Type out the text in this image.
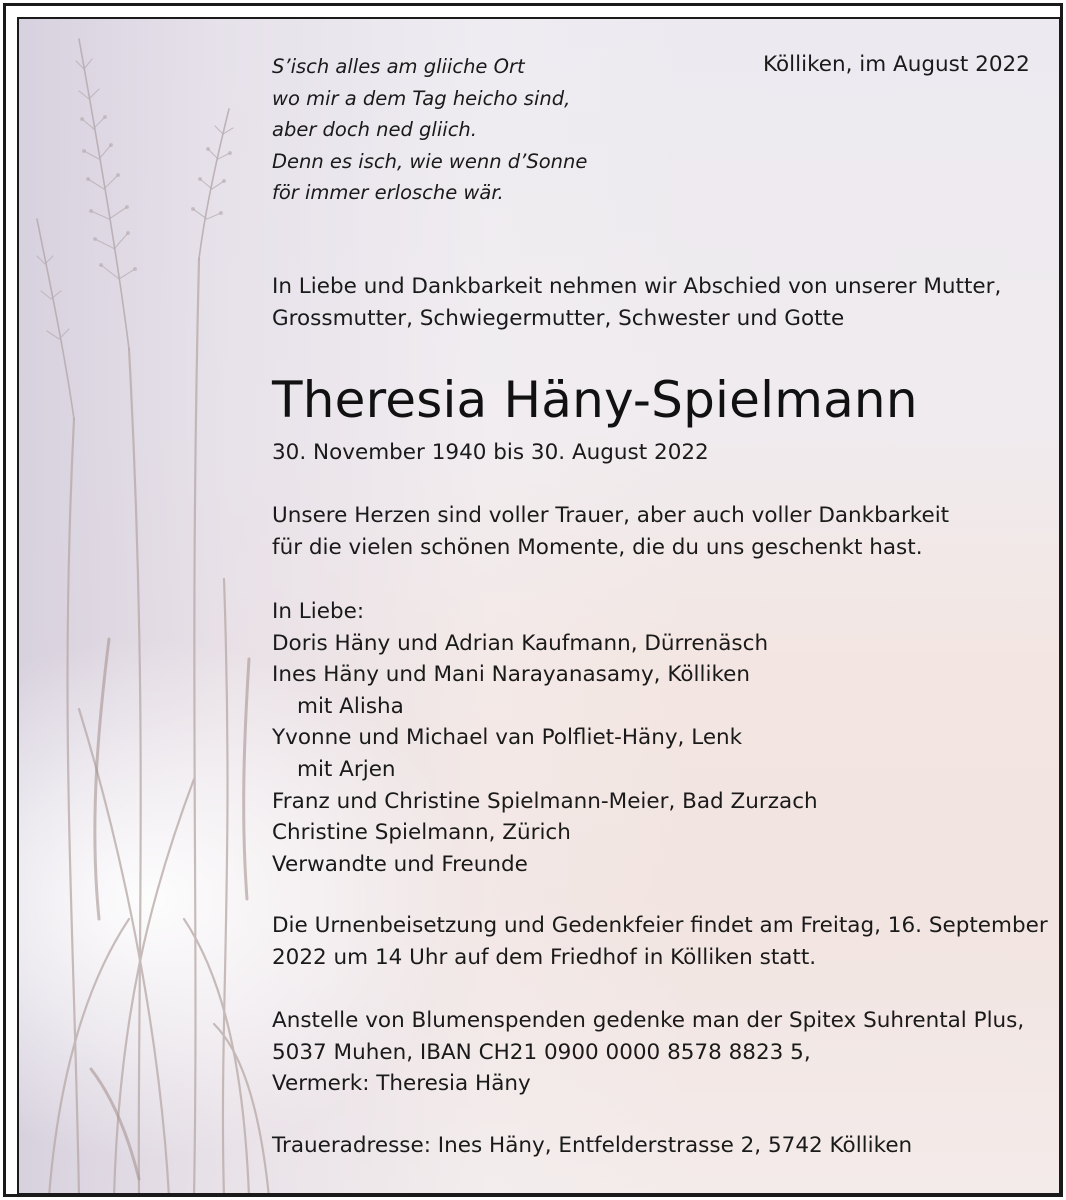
Kölliken, im August 2022
S’isch alles am gliiche Ort
wo mir a dem Tag heicho sind,
aber doch ned gliich.
Denn es isch, wie wenn d’Sonne
för immer erlosche wär.
In Liebe und Dankbarkeit nehmen wir Abschied von unserer Mutter,
Grossmutter, Schwiegermutter, Schwester und Gotte
Theresia Häny-Spielmann
30. November 1940 bis 30. August 2022
Unsere Herzen sind voller Trauer, aber auch voller Dankbarkeit
für die vielen schönen Momente, die du uns geschenkt hast.
In Liebe:
Doris Häny und Adrian Kaufmann, Dürrenäsch
Ines Häny und Mani Narayanasamy, Kölliken
mit Alisha
Yvonne und Michael van Polfliet-Häny, Lenk
mit Arjen
Franz und Christine Spielmann-Meier, Bad Zurzach
Christine Spielmann, Zürich
Verwandte und Freunde
Die Urnenbeisetzung und Gedenkfeier findet am Freitag, 16. September
2022 um 14 Uhr auf dem Friedhof in Kölliken statt.
Anstelle von Blumenspenden gedenke man der Spitex Suhrental Plus,
5037 Muhen, IBAN CH21 0900 0000 8578 8823 5,
Vermerk: Theresia Häny
Traueradresse: Ines Häny, Entfelderstrasse 2, 5742 Kölliken
